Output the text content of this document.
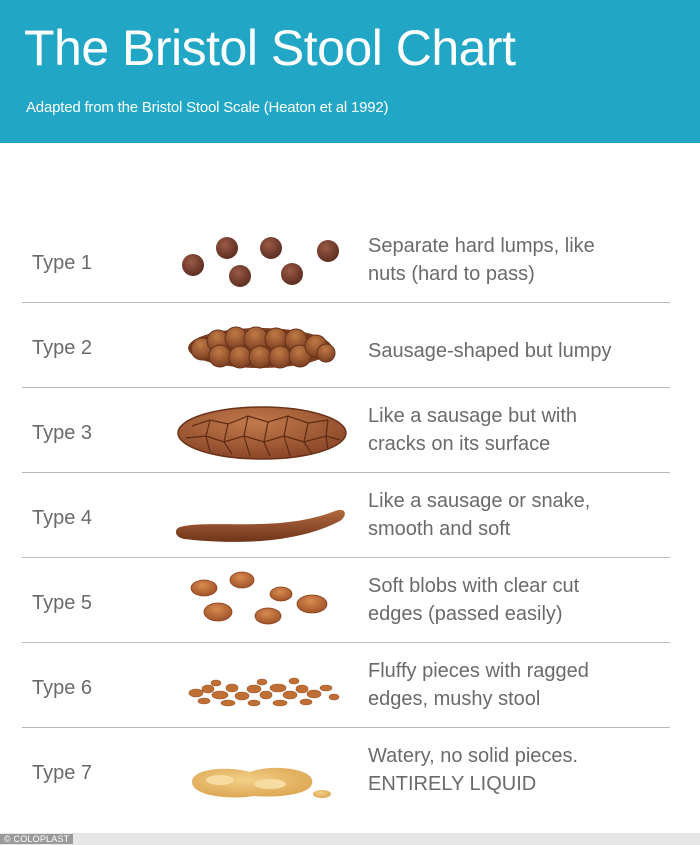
The Bristol Stool Chart
Adapted from the Bristol Stool Scale (Heaton et al 1992)
Type 1
Separate hard lumps, like
nuts (hard to pass)
Type 2	Sausage-shaped but lumpy
Type 3
Like a sausage but with
cracks on its surface
Type 4
Like a sausage or snake,
smooth and soft
Type 5
Soft blobs with clear cut
edges (passed easily)
Type 6
Fluffy pieces with ragged
edges, mushy stool
Type 7
Watery, no solid pieces.
ENTIRELY LIQUID
© COLOPLAST
